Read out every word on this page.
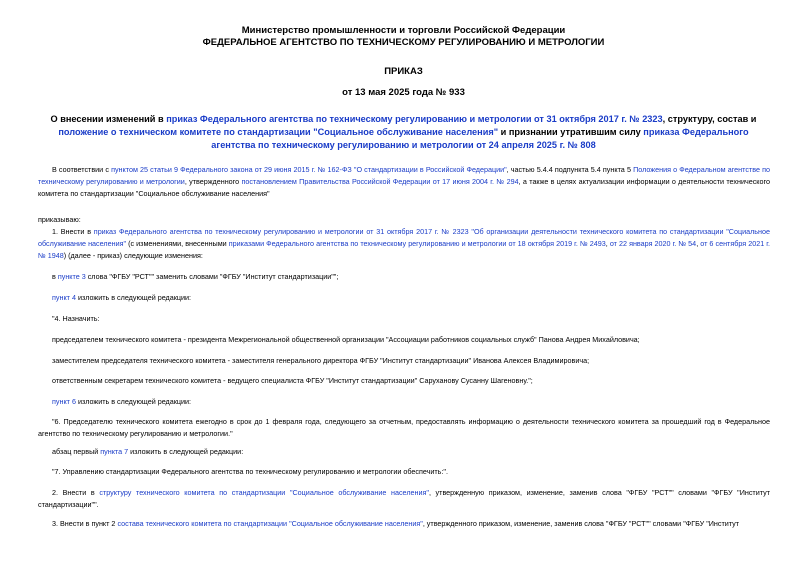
Министерство промышленности и торговли Российской Федерации
ФЕДЕРАЛЬНОЕ АГЕНТСТВО ПО ТЕХНИЧЕСКОМУ РЕГУЛИРОВАНИЮ И МЕТРОЛОГИИ
ПРИКАЗ
от 13 мая 2025 года № 933
О внесении изменений в приказ Федерального агентства по техническому регулированию и метрологии от 31 октября 2017 г. № 2323, структуру, состав и положение о техническом комитете по стандартизации "Социальное обслуживание населения" и признании утратившим силу приказа Федерального агентства по техническому регулированию и метрологии от 24 апреля 2025 г. № 808
В соответствии с пунктом 25 статьи 9 Федерального закона от 29 июня 2015 г. № 162-ФЗ "О стандартизации в Российской Федерации", частью 5.4.4 подпункта 5.4 пункта 5 Положения о Федеральном агентстве по техническому регулированию и метрологии, утвержденного постановлением Правительства Российской Федерации от 17 июня 2004 г. № 294, а также в целях актуализации информации о деятельности технического комитета по стандартизации "Социальное обслуживание населения"
приказываю:
1. Внести в приказ Федерального агентства по техническому регулированию и метрологии от 31 октября 2017 г. № 2323 "Об организации деятельности технического комитета по стандартизации "Социальное обслуживание населения" (с изменениями, внесенными приказами Федерального агентства по техническому регулированию и метрологии от 18 октября 2019 г. № 2493, от 22 января 2020 г. № 54, от 6 сентября 2021 г. № 1948) (далее - приказ) следующие изменения:
в пункте 3 слова "ФГБУ "РСТ"" заменить словами "ФГБУ "Институт стандартизации"";
пункт 4 изложить в следующей редакции:
"4. Назначить:
председателем технического комитета - президента Межрегиональной общественной организации "Ассоциации работников социальных служб" Панова Андрея Михайловича;
заместителем председателя технического комитета - заместителя генерального директора ФГБУ "Институт стандартизации" Иванова Алексея Владимировича;
ответственным секретарем технического комитета - ведущего специалиста ФГБУ "Институт стандартизации" Саруханову Сусанну Шагеновну.";
пункт 6 изложить в следующей редакции:
"6. Председателю технического комитета ежегодно в срок до 1 февраля года, следующего за отчетным, предоставлять информацию о деятельности технического комитета за прошедший год в Федеральное агентство по техническому регулированию и метрологии."
абзац первый пункта 7 изложить в следующей редакции:
"7. Управлению стандартизации Федерального агентства по техническому регулированию и метрологии обеспечить:".
2. Внести в структуру технического комитета по стандартизации "Социальное обслуживание населения", утвержденную приказом, изменение, заменив слова "ФГБУ "РСТ"" словами "ФГБУ "Институт стандартизации"".
3. Внести в пункт 2 состава технического комитета по стандартизации "Социальное обслуживание населения", утвержденного приказом, изменение, заменив слова "ФГБУ "РСТ"" словами "ФГБУ "Институт
